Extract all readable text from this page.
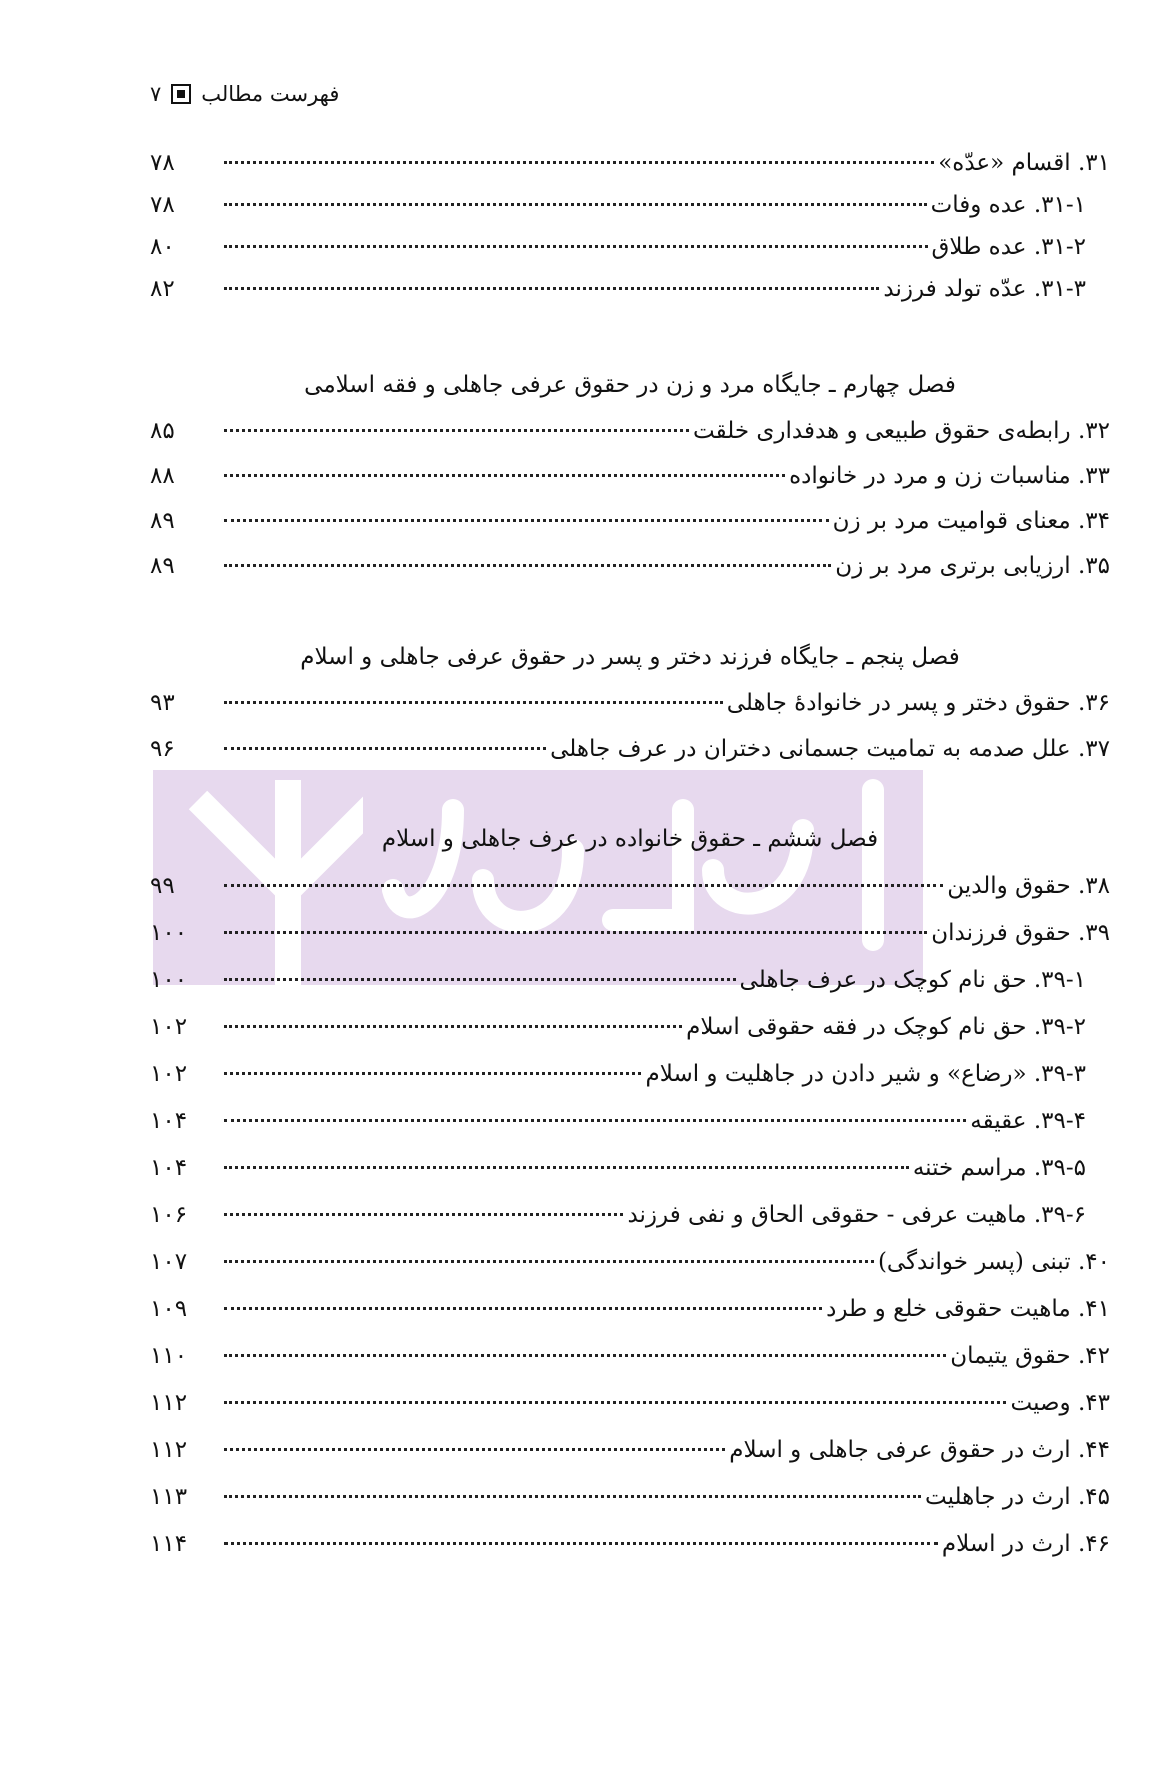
فهرست مطالب
۷
۳۱. اقسام «عدّه»
۷۸
۳۱-۱. عده وفات
۷۸
۳۱-۲. عده طلاق
۸۰
۳۱-۳. عدّه تولد فرزند
۸۲
فصل چهارم ـ جایگاه مرد و زن در حقوق عرفی جاهلی و فقه اسلامی
۳۲. رابطه‌ی حقوق طبیعی و هدفداری خلقت
۸۵
۳۳. مناسبات زن و مرد در خانواده
۸۸
۳۴. معنای قوامیت مرد بر زن
۸۹
۳۵. ارزیابی برتری مرد بر زن
۸۹
فصل پنجم ـ جایگاه فرزند دختر و پسر در حقوق عرفی جاهلی و اسلام
۳۶. حقوق دختر و پسر در خانوادهٔ جاهلی
۹۳
۳۷. علل صدمه به تمامیت جسمانی دختران در عرف جاهلی
۹۶
فصل ششم ـ حقوق خانواده در عرف جاهلی و اسلام
۳۸. حقوق والدین
۹۹
۳۹. حقوق فرزندان
۱۰۰
۳۹-۱. حق نام کوچک در عرف جاهلی
۱۰۰
۳۹-۲. حق نام کوچک در فقه حقوقی اسلام
۱۰۲
۳۹-۳. «رضاع» و شیر دادن در جاهلیت و اسلام
۱۰۲
۳۹-۴. عقیقه
۱۰۴
۳۹-۵. مراسم ختنه
۱۰۴
۳۹-۶. ماهیت عرفی - حقوقی الحاق و نفی فرزند
۱۰۶
۴۰. تبنی (پسر خواندگی)
۱۰۷
۴۱. ماهیت حقوقی خلع و طرد
۱۰۹
۴۲. حقوق یتیمان
۱۱۰
۴۳. وصیت
۱۱۲
۴۴. ارث در حقوق عرفی جاهلی و اسلام
۱۱۲
۴۵. ارث در جاهلیت
۱۱۳
۴۶. ارث در اسلام
۱۱۴
